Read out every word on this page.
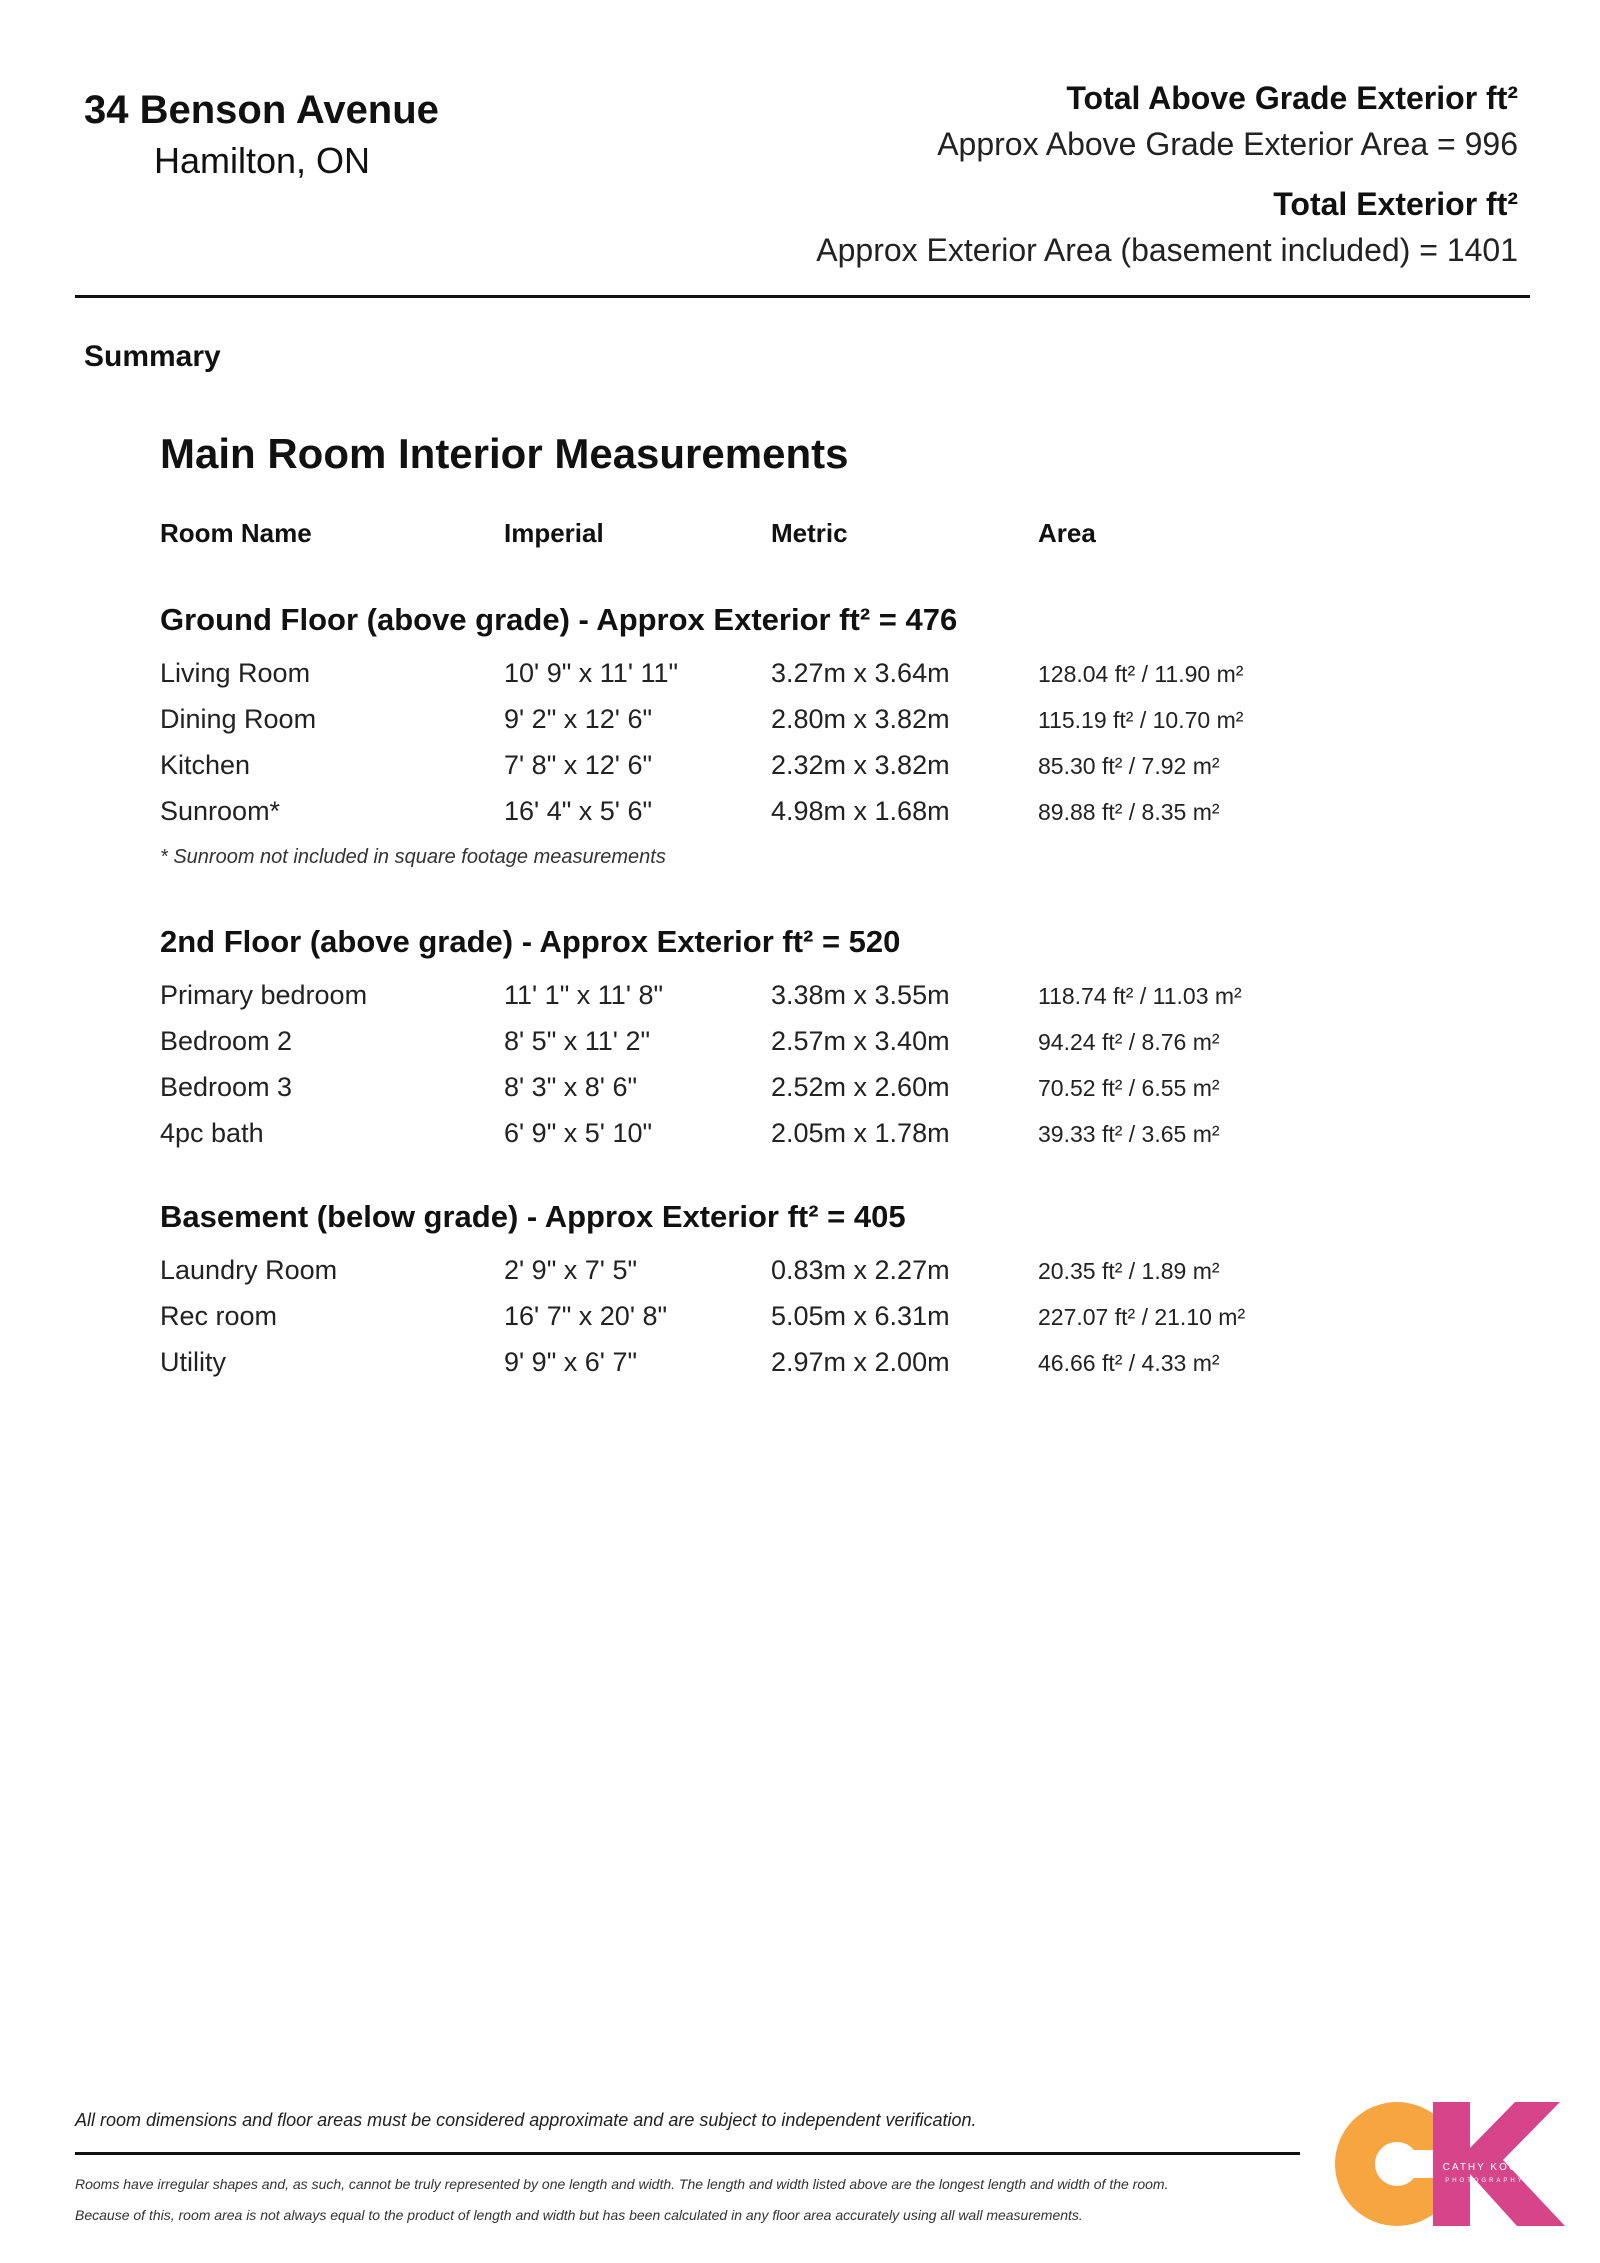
34 Benson Avenue
Hamilton, ON
Total Above Grade Exterior ft²
Approx Above Grade Exterior Area = 996
Total Exterior ft²
Approx Exterior Area (basement included) = 1401
Summary
Main Room Interior Measurements
Room Name	Imperial	Metric	Area
Ground Floor (above grade) - Approx Exterior ft² = 476
Living Room	10' 9" x 11' 11"	3.27m x 3.64m	128.04 ft² / 11.90 m²
Dining Room	9' 2" x 12' 6"	2.80m x 3.82m	115.19 ft² / 10.70 m²
Kitchen	7' 8" x 12' 6"	2.32m x 3.82m	85.30 ft² / 7.92 m²
Sunroom*	16' 4" x 5' 6"	4.98m x 1.68m	89.88 ft² / 8.35 m²
* Sunroom not included in square footage measurements
2nd Floor (above grade) - Approx Exterior ft² = 520
Primary bedroom	11' 1" x 11' 8"	3.38m x 3.55m	118.74 ft² / 11.03 m²
Bedroom 2	8' 5" x 11' 2"	2.57m x 3.40m	94.24 ft² / 8.76 m²
Bedroom 3	8' 3" x 8' 6"	2.52m x 2.60m	70.52 ft² / 6.55 m²
4pc bath	6' 9" x 5' 10"	2.05m x 1.78m	39.33 ft² / 3.65 m²
Basement (below grade) - Approx Exterior ft² = 405
Laundry Room	2' 9" x 7' 5"	0.83m x 2.27m	20.35 ft² / 1.89 m²
Rec room	16' 7" x 20' 8"	5.05m x 6.31m	227.07 ft² / 21.10 m²
Utility	9' 9" x 6' 7"	2.97m x 2.00m	46.66 ft² / 4.33 m²
All room dimensions and floor areas must be considered approximate and are subject to independent verification.
Rooms have irregular shapes and, as such, cannot be truly represented by one length and width. The length and width listed above are the longest length and width of the room.
Because of this, room area is not always equal to the product of length and width but has been calculated in any floor area accurately using all wall measurements.
CATHY KOOP
PHOTOGRAPHY
